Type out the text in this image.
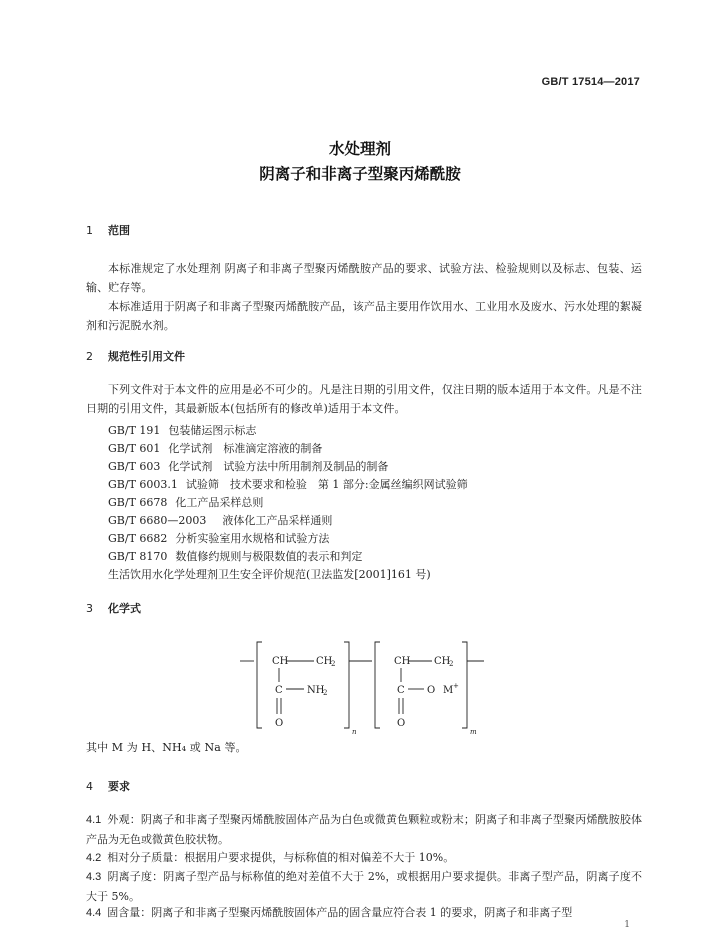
GB/T 17514—2017
水处理剂
阴离子和非离子型聚丙烯酰胺
1 范围
本标准规定了水处理剂 阴离子和非离子型聚丙烯酰胺产品的要求、试验方法、检验规则以及标志、包装、运输、贮存等。
本标准适用于阴离子和非离子型聚丙烯酰胺产品，该产品主要用作饮用水、工业用水及废水、污水处理的絮凝剂和污泥脱水剂。
2 规范性引用文件
下列文件对于本文件的应用是必不可少的。凡是注日期的引用文件，仅注日期的版本适用于本文件。凡是不注日期的引用文件，其最新版本(包括所有的修改单)适用于本文件。
GB/T 191 包装储运图示标志
GB/T 601 化学试剂　标准滴定溶液的制备
GB/T 603 化学试剂　试验方法中所用制剂及制品的制备
GB/T 6003.1 试验筛　技术要求和检验　第 1 部分:金属丝编织网试验筛
GB/T 6678 化工产品采样总则
GB/T 6680—2003 液体化工产品采样通则
GB/T 6682 分析实验室用水规格和试验方法
GB/T 8170 数值修约规则与极限数值的表示和判定
生活饮用水化学处理剂卫生安全评价规范(卫法监发[2001]161 号)
3 化学式
CH	CH
2
C NH
2
O
n
CH CH
2
C O M +
O
m
其中 M 为 H、NH₄ 或 Na 等。
4 要求
4.1 外观：阴离子和非离子型聚丙烯酰胺固体产品为白色或微黄色颗粒或粉末；阴离子和非离子型聚丙烯酰胺胶体产品为无色或微黄色胶状物。
4.2 相对分子质量：根据用户要求提供，与标称值的相对偏差不大于 10%。
4.3 阴离子度：阴离子型产品与标称值的绝对差值不大于 2%，或根据用户要求提供。非离子型产品，阴离子度不大于 5%。
4.4 固含量：阴离子和非离子型聚丙烯酰胺固体产品的固含量应符合表 1 的要求，阴离子和非离子型
1
